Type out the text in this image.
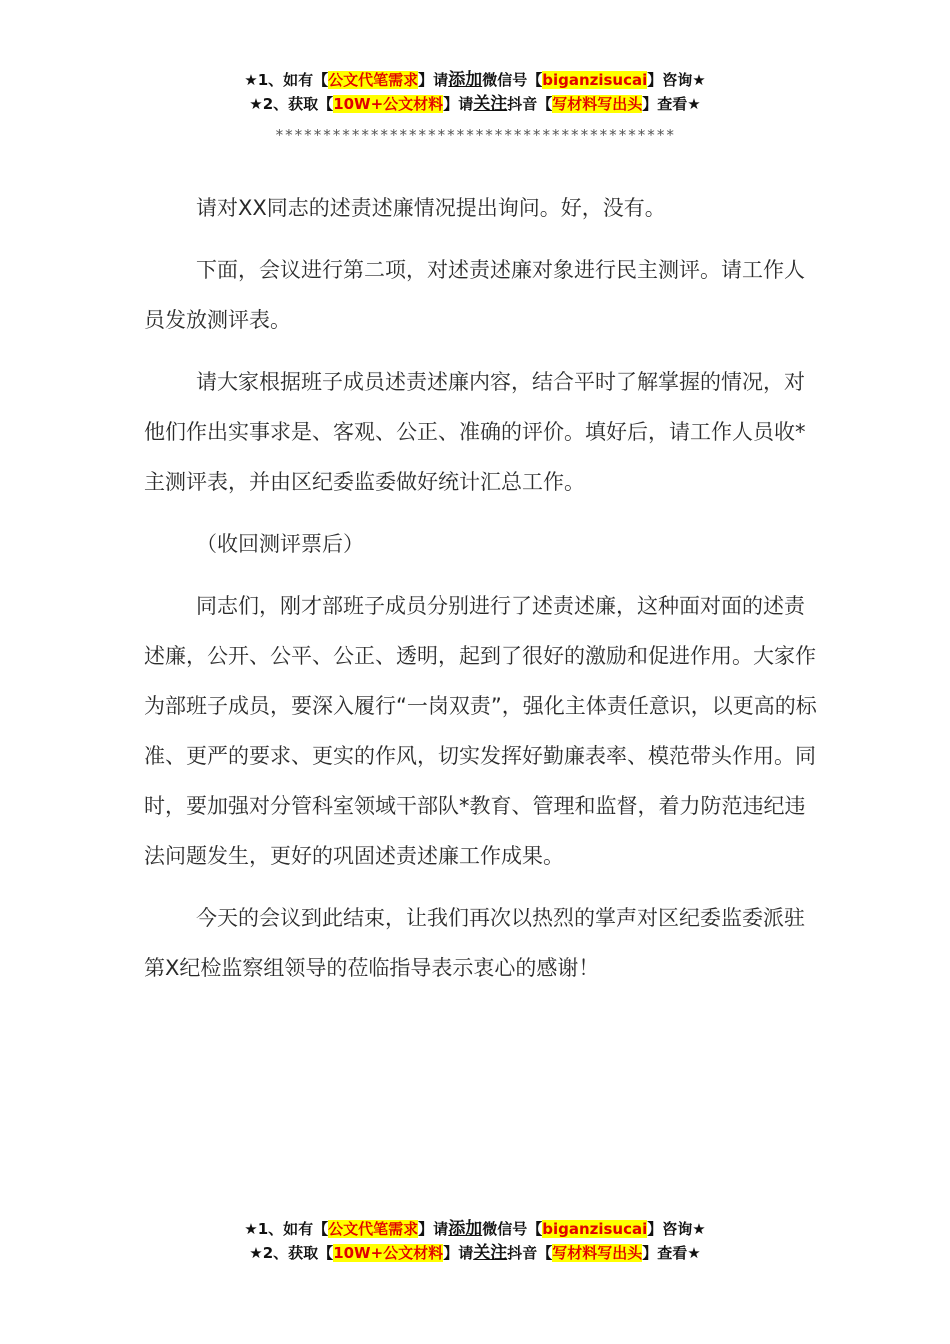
★1、如有【公文代笔需求】请添加微信号【biganzisucai】咨询★
★2、获取【10W+公文材料】请关注抖音【写材料写出头】查看★
******************************************

请对XX同志的述责述廉情况提出询问。好，没有。

下面，会议进行第二项，对述责述廉对象进行民主测评。请工作人员发放测评表。

请大家根据班子成员述责述廉内容，结合平时了解掌握的情况，对他们作出实事求是、客观、公正、准确的评价。填好后，请工作人员收*主测评表，并由区纪委监委做好统计汇总工作。

（收回测评票后）

同志们，刚才部班子成员分别进行了述责述廉，这种面对面的述责述廉，公开、公平、公正、透明，起到了很好的激励和促进作用。大家作为部班子成员，要深入履行“一岗双责”，强化主体责任意识，以更高的标准、更严的要求、更实的作风，切实发挥好勤廉表率、模范带头作用。同时，要加强对分管科室领域干部队*教育、管理和监督，着力防范违纪违法问题发生，更好的巩固述责述廉工作成果。

今天的会议到此结束，让我们再次以热烈的掌声对区纪委监委派驻第X纪检监察组领导的莅临指导表示衷心的感谢！

★1、如有【公文代笔需求】请添加微信号【biganzisucai】咨询★
★2、获取【10W+公文材料】请关注抖音【写材料写出头】查看★
